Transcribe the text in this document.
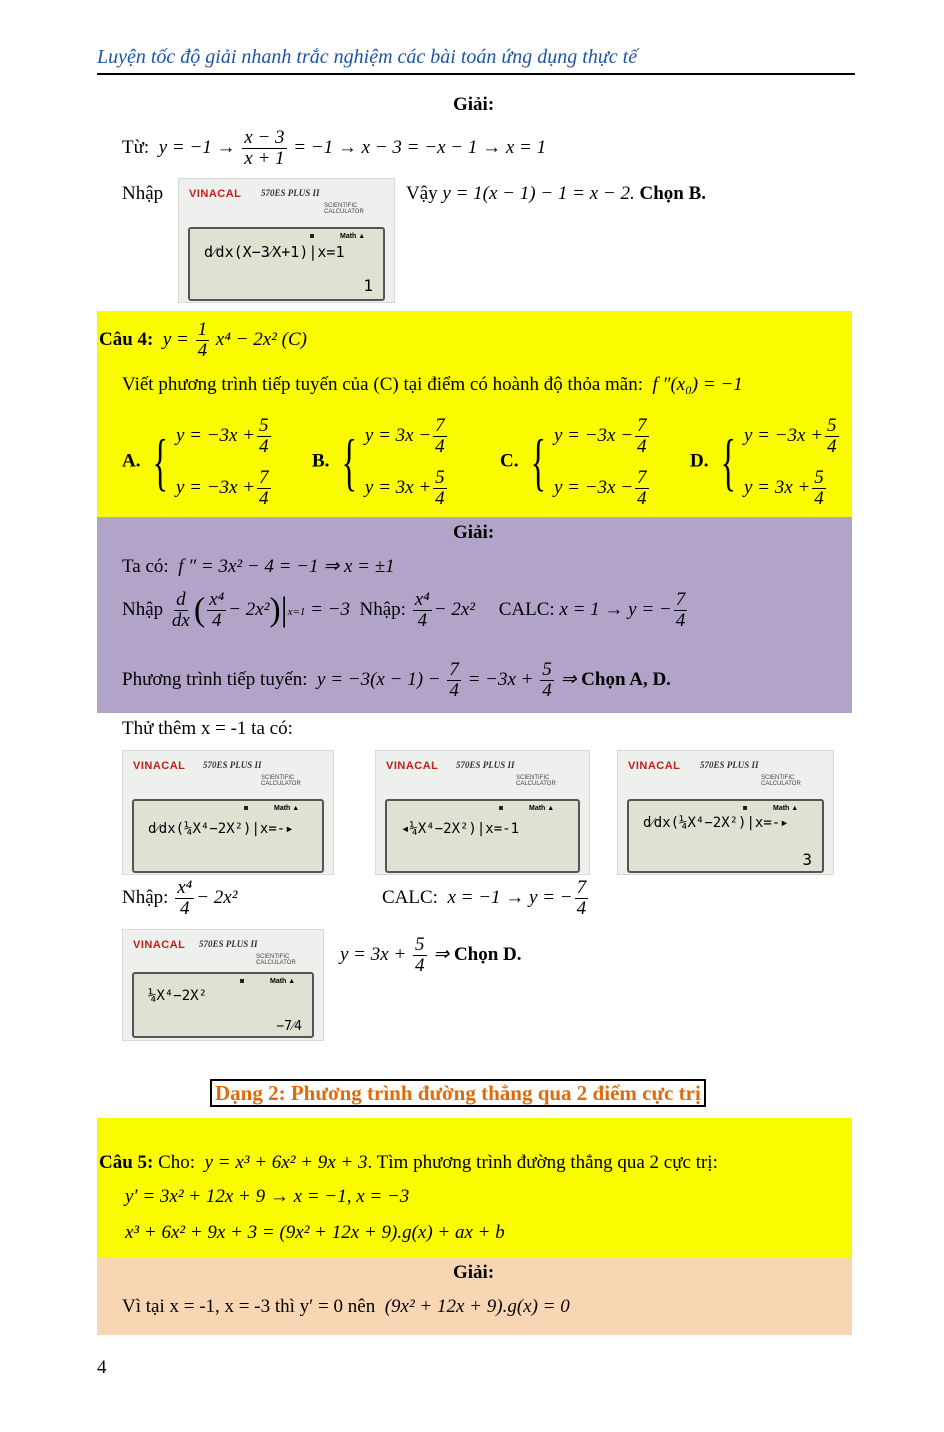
Luyện tốc độ giải nhanh trắc nghiệm các bài toán ứng dụng thực tế
Giải:
Từ:  $y = -1 \to \frac{x - 3}{x + 1} = -1 \to x - 3 = -x - 1 \to x = 1$
Nhập VINACAL 570ES PLUS II
SCIENTIFIC CALCULATOR
◙	Math ▲
d⁄dx(X−3⁄X+1)|x=1
1
Vậy y = 1(x − 1) − 1 = x − 2. Chọn B.
Câu 4:  $y = \frac{1}{4} x^4 - 2x^2$ (C)
Viết phương trình tiếp tuyến của (C) tại điểm có hoành độ thỏa mãn:  f ″(x₀) = −1
A. { $y = -3x + \frac{5}{4}$
$y = -3x + \frac{7}{4}$
B. { $y = 3x - \frac{7}{4}$
$y = 3x + \frac{5}{4}$
C. { $y = -3x - \frac{7}{4}$
$y = -3x - \frac{7}{4}$
D. { $y = -3x + \frac{5}{4}$
$y = 3x + \frac{5}{4}$
Giải:
Ta có:  f ″ = 3x² − 4 = −1 ⇒ x = ±1
Nhập $\frac{d}{dx}$ ( $\frac{\text{x⁴}}{4} - 2x^2)|x=1 = -3$  Nhập: $\frac{\text{x⁴}}{4} - 2x^2$ CALC: x = 1 → y = − $\frac{7}{4}$
Phương trình tiếp tuyến:  $y = -3(x - 1) - \frac{7}{4} = -3x + \frac{5}{4}$ ⇒ Chọn A, D.
Thử thêm x = -1 ta có:
VINACAL 570ES PLUS II
SCIENTIFIC CALCULATOR
◙	Math ▲
d⁄dx(¼X⁴−2X²)|x=-▸
VINACAL 570ES PLUS II
SCIENTIFIC CALCULATOR
◙	Math ▲
◂¼X⁴−2X²)|x=-1
VINACAL 570ES PLUS II
SCIENTIFIC CALCULATOR
◙	Math ▲
d⁄dx(¼X⁴−2X²)|x=-▸
3
Nhập: $\frac{\text{x⁴}}{4} - 2x^2$	CALC:  x = −1 → y = − $\frac{7}{4}$
VINACAL 570ES PLUS II
SCIENTIFIC CALCULATOR
◙	Math ▲
¼X⁴−2X²
−7⁄4
$y = 3x + \frac{5}{4}$ ⇒ Chọn D.
Dạng 2: Phương trình đường thẳng qua 2 điểm cực trị
Câu 5: Cho:  y = x³ + 6x² + 9x + 3. Tìm phương trình đường thẳng qua 2 cực trị:
y′ = 3x² + 12x + 9 → x = −1, x = −3
x³ + 6x² + 9x + 3 = (9x² + 12x + 9).g(x) + ax + b
Giải:
Vì tại x = -1, x = -3 thì y′ = 0 nên  (9x² + 12x + 9).g(x) = 0
4
